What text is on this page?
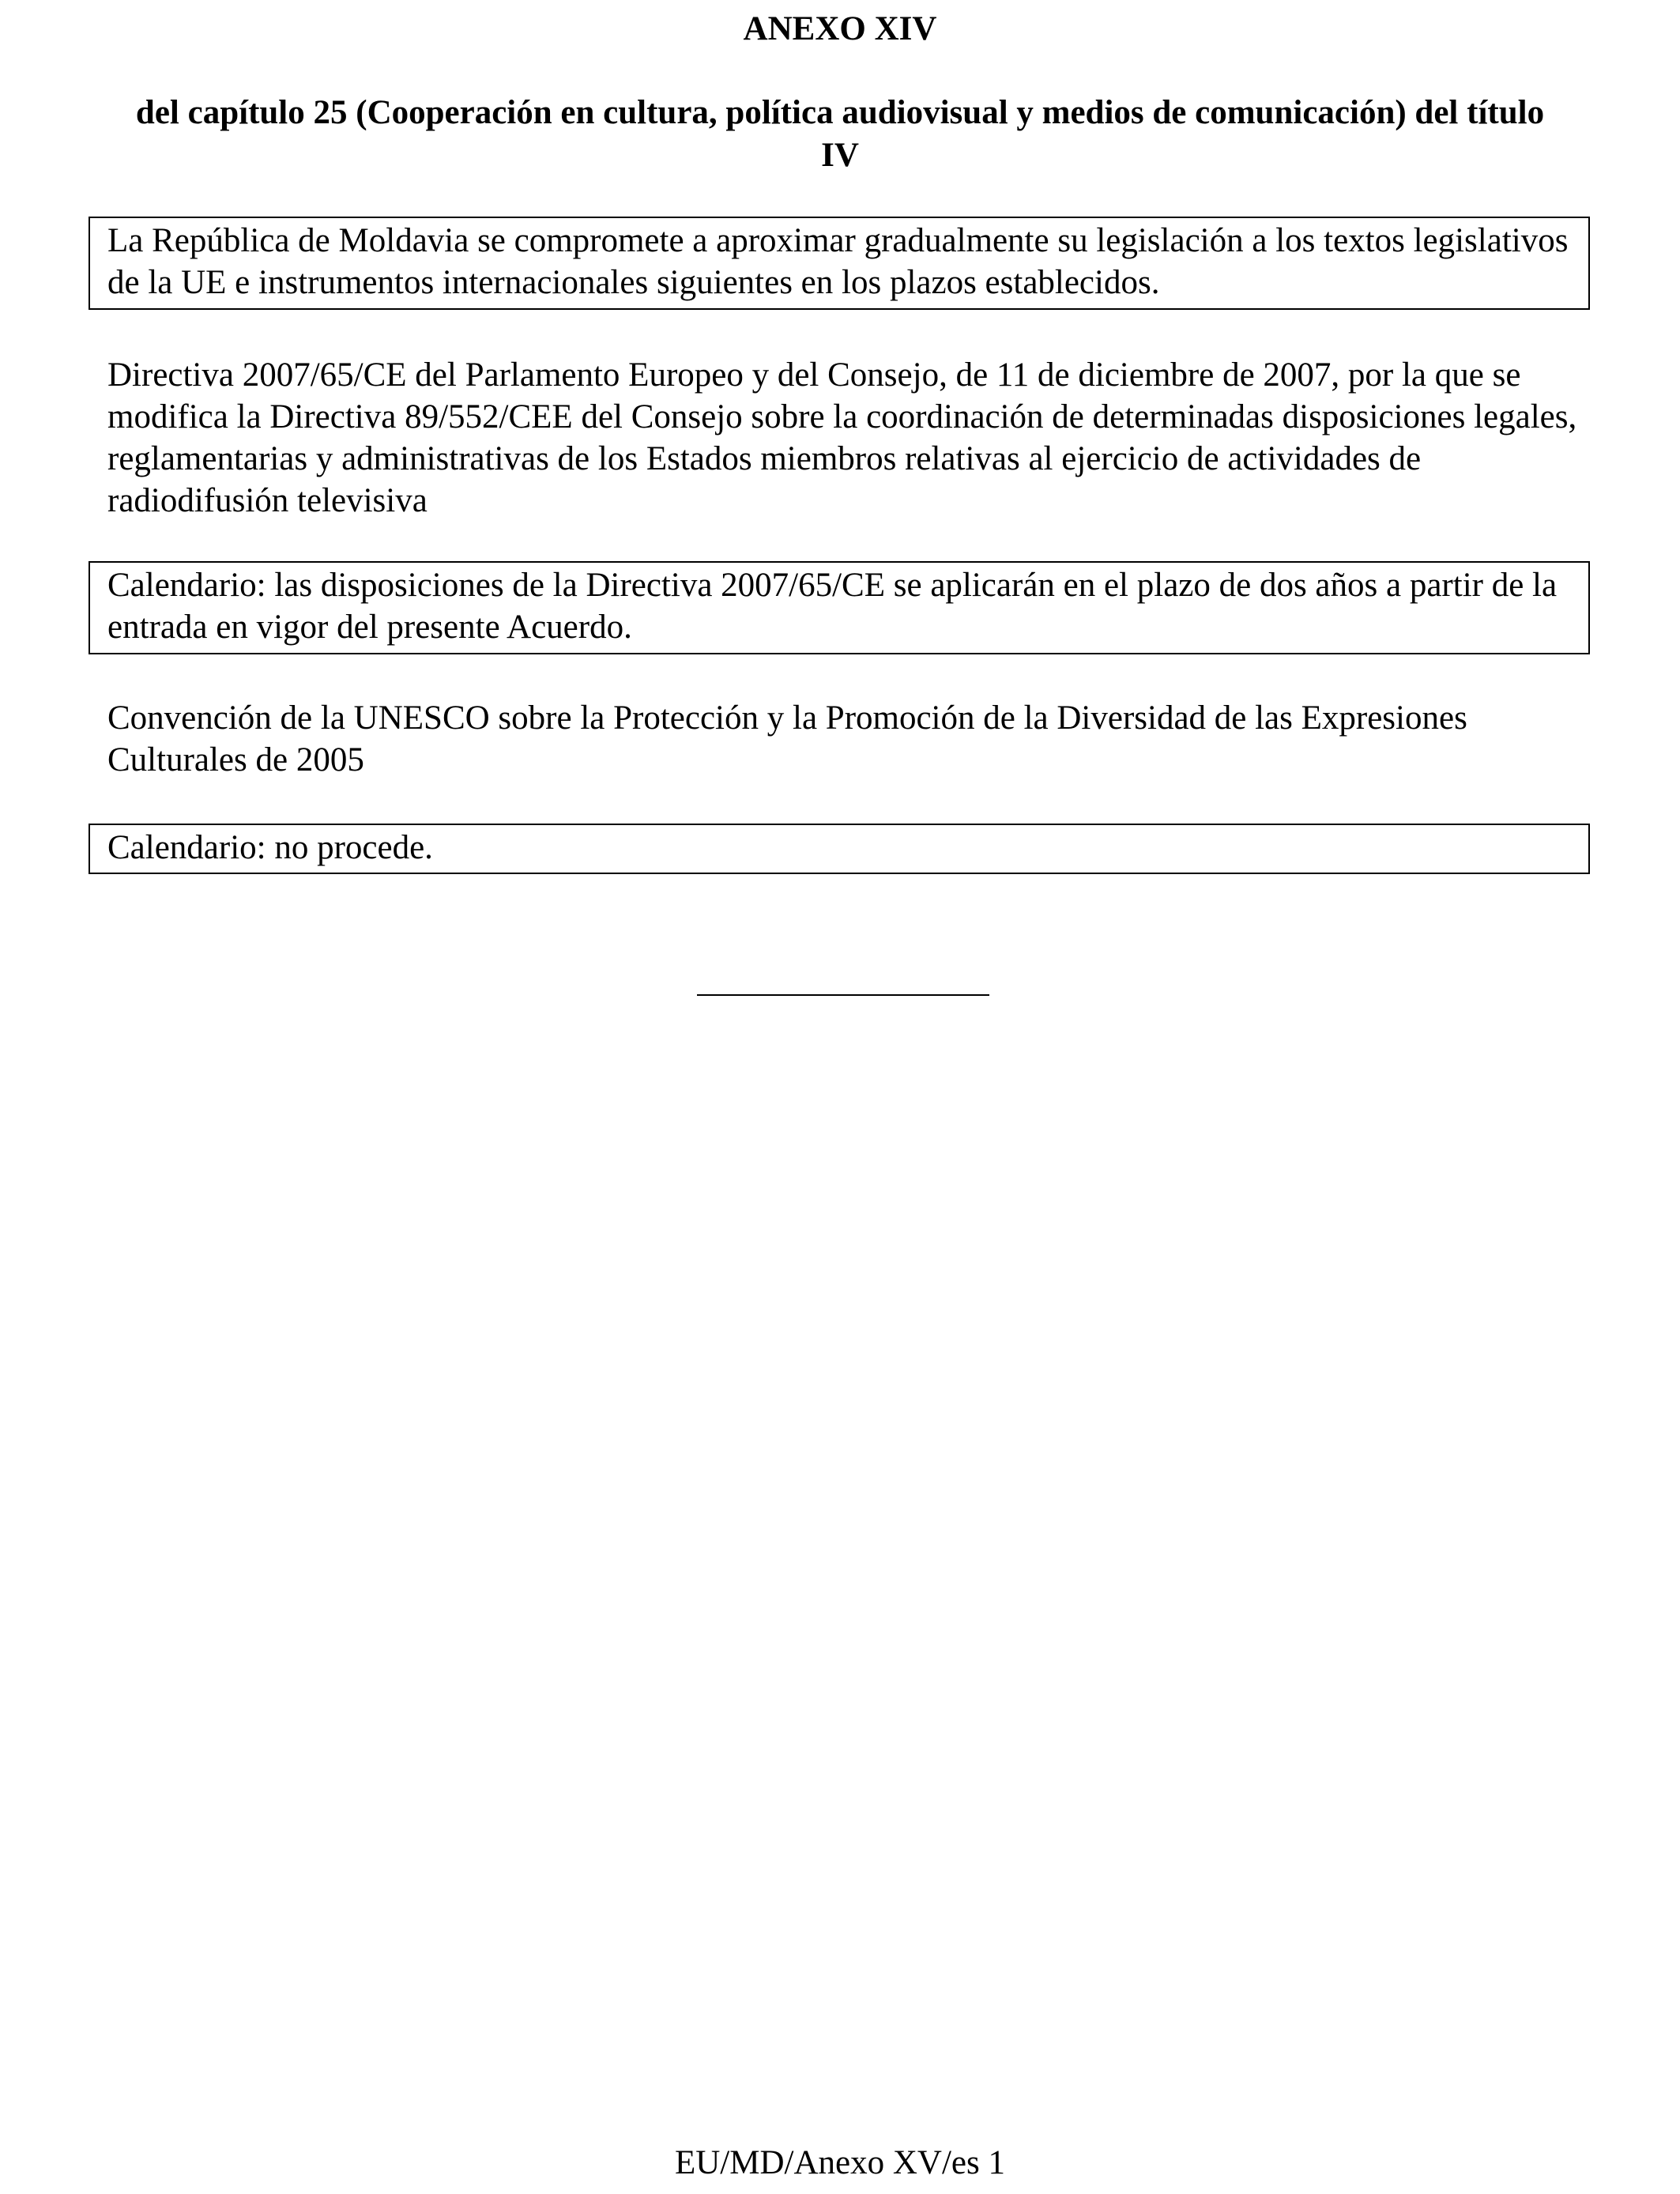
ANEXO XIV
del capítulo 25 (Cooperación en cultura, política audiovisual y medios de comunicación) del título IV
La República de Moldavia se compromete a aproximar gradualmente su legislación a los textos legislativos de la UE e instrumentos internacionales siguientes en los plazos establecidos.
Directiva 2007/65/CE del Parlamento Europeo y del Consejo, de 11 de diciembre de 2007, por la que se modifica la Directiva 89/552/CEE del Consejo sobre la coordinación de determinadas disposiciones legales, reglamentarias y administrativas de los Estados miembros relativas al ejercicio de actividades de radiodifusión televisiva
Calendario: las disposiciones de la Directiva 2007/65/CE se aplicarán en el plazo de dos años a partir de la entrada en vigor del presente Acuerdo.
Convención de la UNESCO sobre la Protección y la Promoción de la Diversidad de las Expresiones Culturales de 2005
Calendario: no procede.
EU/MD/Anexo XV/es 1
